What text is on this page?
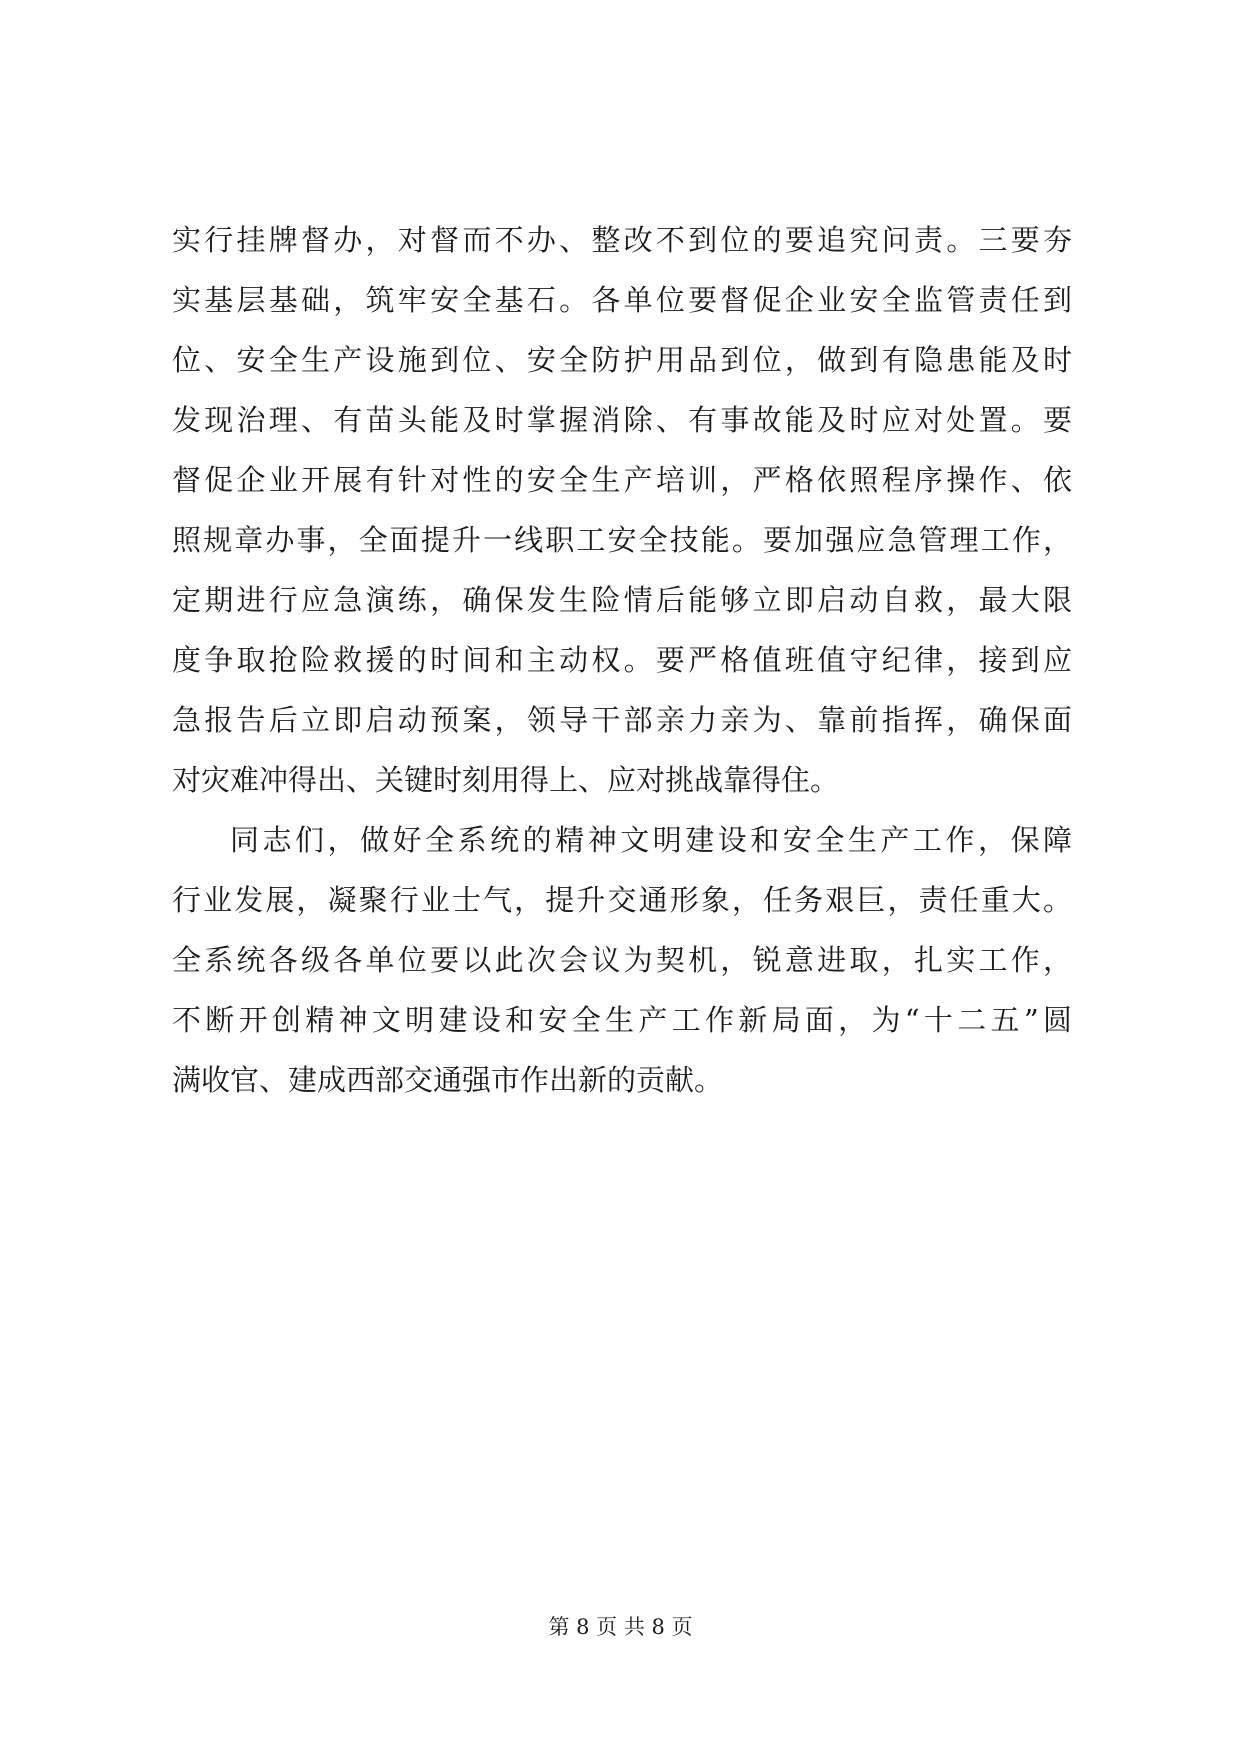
实行挂牌督办，对督而不办、整改不到位的要追究问责。三要夯
实基层基础，筑牢安全基石。各单位要督促企业安全监管责任到
位、安全生产设施到位、安全防护用品到位，做到有隐患能及时
发现治理、有苗头能及时掌握消除、有事故能及时应对处置。要
督促企业开展有针对性的安全生产培训，严格依照程序操作、依
照规章办事，全面提升一线职工安全技能。要加强应急管理工作，
定期进行应急演练，确保发生险情后能够立即启动自救，最大限
度争取抢险救援的时间和主动权。要严格值班值守纪律，接到应
急报告后立即启动预案，领导干部亲力亲为、靠前指挥，确保面
对灾难冲得出、关键时刻用得上、应对挑战靠得住。
同志们，做好全系统的精神文明建设和安全生产工作，保障
行业发展，凝聚行业士气，提升交通形象，任务艰巨，责任重大。
全系统各级各单位要以此次会议为契机，锐意进取，扎实工作，
不断开创精神文明建设和安全生产工作新局面，为“十二五”圆
满收官、建成西部交通强市作出新的贡献。
第 8 页 共 8 页
